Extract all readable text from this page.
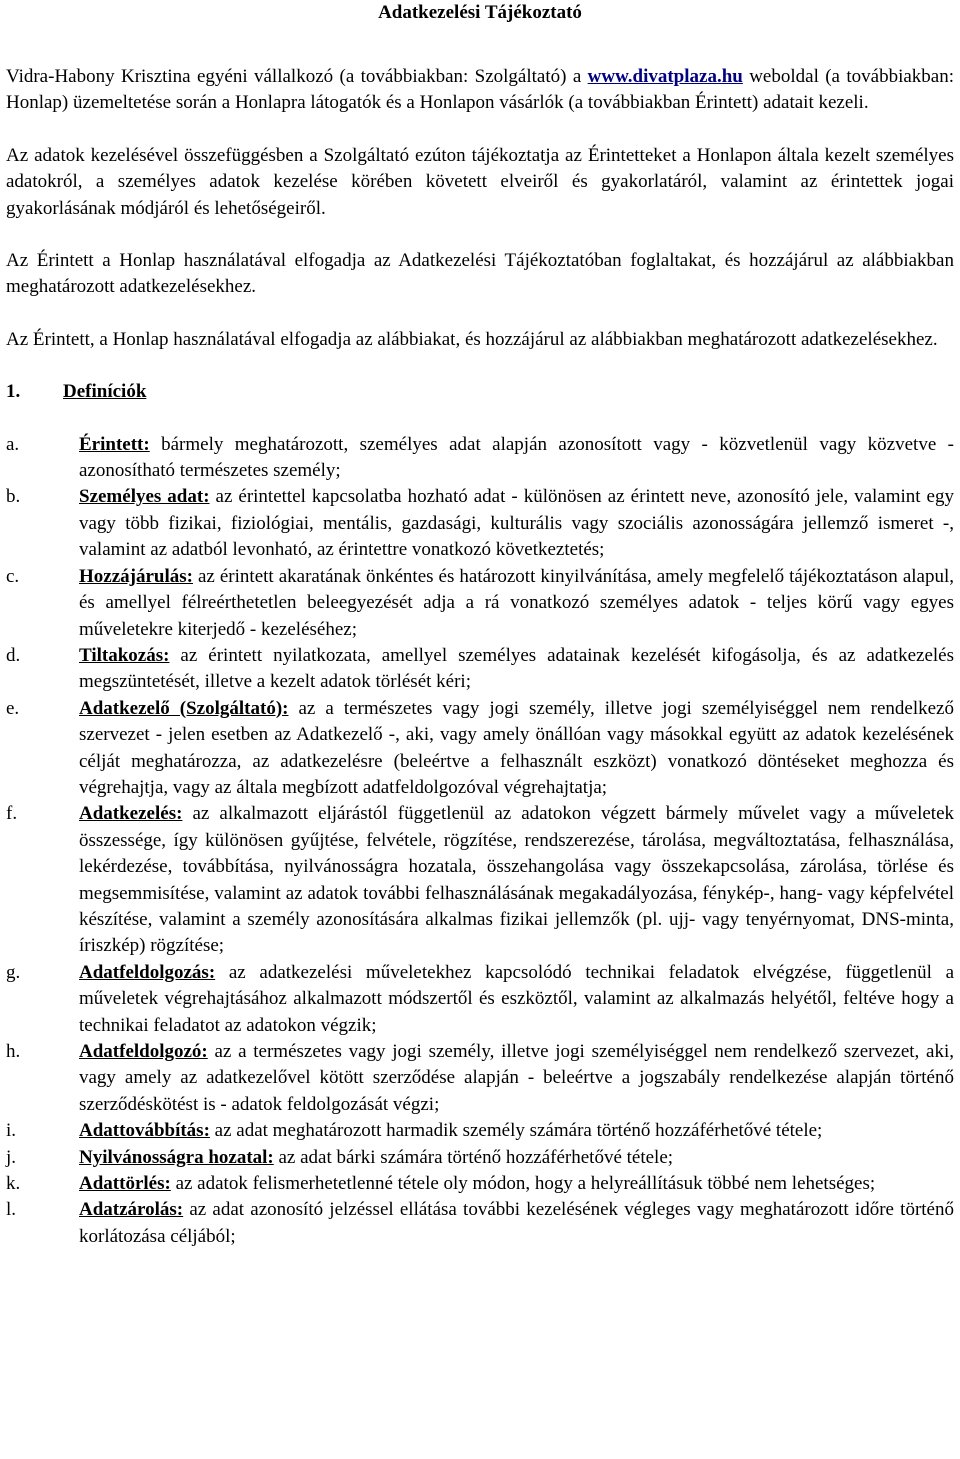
Adatkezelési Tájékoztató

Vidra-Habony Krisztina egyéni vállalkozó (a továbbiakban: Szolgáltató) a www.divatplaza.hu weboldal (a továbbiakban: Honlap) üzemeltetése során a Honlapra látogatók és a Honlapon vásárlók (a továbbiakban Érintett) adatait kezeli.

Az adatok kezelésével összefüggésben a Szolgáltató ezúton tájékoztatja az Érintetteket a Honlapon általa kezelt személyes adatokról, a személyes adatok kezelése körében követett elveiről és gyakorlatáról, valamint az érintettek jogai gyakorlásának módjáról és lehetőségeiről.

Az Érintett a Honlap használatával elfogadja az Adatkezelési Tájékoztatóban foglaltakat, és hozzájárul az alábbiakban meghatározott adatkezelésekhez.

Az Érintett, a Honlap használatával elfogadja az alábbiakat, és hozzájárul az alábbiakban meghatározott adatkezelésekhez.

1.	Definíciók
a.	Érintett: bármely meghatározott, személyes adat alapján azonosított vagy - közvetlenül vagy közvetve - azonosítható természetes személy;
b.	Személyes adat: az érintettel kapcsolatba hozható adat - különösen az érintett neve, azonosító jele, valamint egy vagy több fizikai, fiziológiai, mentális, gazdasági, kulturális vagy szociális azonosságára jellemző ismeret -, valamint az adatból levonható, az érintettre vonatkozó következtetés;
c.	Hozzájárulás: az érintett akaratának önkéntes és határozott kinyilvánítása, amely megfelelő tájékoztatáson alapul, és amellyel félreérthetetlen beleegyezését adja a rá vonatkozó személyes adatok - teljes körű vagy egyes műveletekre kiterjedő - kezeléséhez;
d.	Tiltakozás: az érintett nyilatkozata, amellyel személyes adatainak kezelését kifogásolja, és az adatkezelés megszüntetését, illetve a kezelt adatok törlését kéri;
e.	Adatkezelő (Szolgáltató): az a természetes vagy jogi személy, illetve jogi személyiséggel nem rendelkező szervezet - jelen esetben az Adatkezelő -, aki, vagy amely önállóan vagy másokkal együtt az adatok kezelésének célját meghatározza, az adatkezelésre (beleértve a felhasznált eszközt) vonatkozó döntéseket meghozza és végrehajtja, vagy az általa megbízott adatfeldolgozóval végrehajtatja;
f.	Adatkezelés: az alkalmazott eljárástól függetlenül az adatokon végzett bármely művelet vagy a műveletek összessége, így különösen gyűjtése, felvétele, rögzítése, rendszerezése, tárolása, megváltoztatása, felhasználása, lekérdezése, továbbítása, nyilvánosságra hozatala, összehangolása vagy összekapcsolása, zárolása, törlése és megsemmisítése, valamint az adatok további felhasználásának megakadályozása, fénykép-, hang- vagy képfelvétel készítése, valamint a személy azonosítására alkalmas fizikai jellemzők (pl. ujj- vagy tenyérnyomat, DNS-minta, íriszkép) rögzítése;
g.	Adatfeldolgozás: az adatkezelési műveletekhez kapcsolódó technikai feladatok elvégzése, függetlenül a műveletek végrehajtásához alkalmazott módszertől és eszköztől, valamint az alkalmazás helyétől, feltéve hogy a technikai feladatot az adatokon végzik;
h.	Adatfeldolgozó: az a természetes vagy jogi személy, illetve jogi személyiséggel nem rendelkező szervezet, aki, vagy amely az adatkezelővel kötött szerződése alapján - beleértve a jogszabály rendelkezése alapján történő szerződéskötést is - adatok feldolgozását végzi;
i.	Adattovábbítás: az adat meghatározott harmadik személy számára történő hozzáférhetővé tétele;
j.	Nyilvánosságra hozatal: az adat bárki számára történő hozzáférhetővé tétele;
k.	Adattörlés: az adatok felismerhetetlenné tétele oly módon, hogy a helyreállításuk többé nem lehetséges;
l.	Adatzárolás: az adat azonosító jelzéssel ellátása további kezelésének végleges vagy meghatározott időre történő korlátozása céljából;
